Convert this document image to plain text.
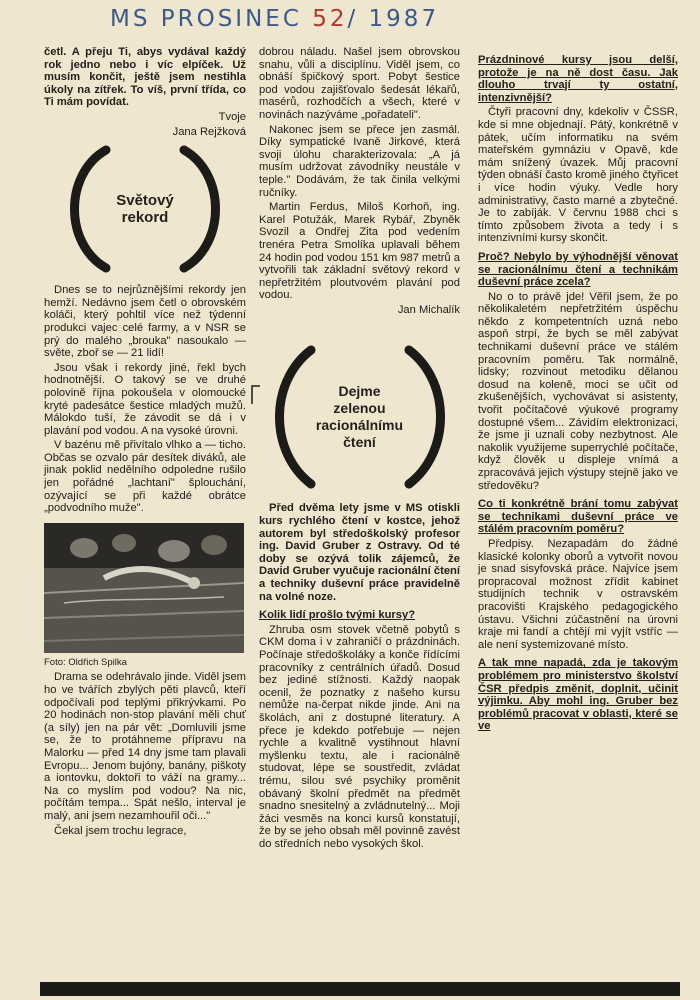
MS PROSINEC 52/ 1987

četl. A přeju Ti, abys vydával každý rok jedno nebo i víc elpíček. Už musím končit, ještě jsem nestihla úkoly na zítřek. To víš, první třída, co Ti mám povídat.

Tvoje

Jana Rejžková

Světový
rekord

Dnes se to nejrůznějšími rekordy jen hemží. Nedávno jsem četl o obrovském koláči, který pohltil více než týdenní produkci vajec celé farmy, a v NSR se prý do malého „brouka" nasoukalo — světe, zboř se — 21 lidí!

Jsou však i rekordy jiné, řekl bych hodnotnější. O takový se ve druhé polovině října pokoušela v olomoucké kryté padesátce šestice mladých mužů. Málokdo tuší, že závodit se dá i v plavání pod vodou. A na vysoké úrovni.

V bazénu mě přivítalo vlhko a — ticho. Občas se ozvalo pár desítek diváků, ale jinak poklid nedělního odpoledne rušilo jen pořádné „lachtaní" šplouchání, ozývající se při každé obrátce „podvodního muže".

Foto: Oldřich Spilka

Drama se odehrávalo jinde. Viděl jsem ho ve tvářích zbylých pěti plavců, kteří odpočívali pod teplými přikrývkami. Po 20 hodinách non-stop plavání měli chuť (a síly) jen na pár vět: „Domluvili jsme se, že to protáhneme přípravu na Malorku — před 14 dny jsme tam plavali Evropu... Jenom bujóny, banány, piškoty a iontovku, doktoři to váží na gramy... Na co myslím pod vodou? Na nic, počítám tempa... Spát nešlo, interval je malý, ani jsem nezamhouřil oči..."

Čekal jsem trochu legrace,

dobrou náladu. Našel jsem obrovskou snahu, vůli a disciplínu. Viděl jsem, co obnáší špičkový sport. Pobyt šestice pod vodou zajišťovalo šedesát lékařů, masérů, rozhodčích a všech, které v novinách nazýváme „pořadateli".

Nakonec jsem se přece jen zasmál. Díky sympatické Ivaně Jirkové, která svoji úlohu charakterizovala: „A já musím udržovat závodníky neustále v teple." Dodávám, že tak činila velkými ručníky.

Martin Ferdus, Miloš Korhoň, ing. Karel Potužák, Marek Rybář, Zbyněk Svozil a Ondřej Zita pod vedením trenéra Petra Smolíka uplavali během 24 hodin pod vodou 151 km 987 metrů a vytvořili tak základní světový rekord v nepřetržitém ploutvovém plavání pod vodou.

Jan Michalík

Dejme
zelenou
racionálnímu
čtení

Před dvěma lety jsme v MS otiskli kurs rychlého čtení v kostce, jehož autorem byl středoškolský profesor ing. David Gruber z Ostravy. Od té doby se ozývá tolik zájemců, že David Gruber vyučuje racionální čtení a techniky duševní práce pravidelně na volné noze.

Kolik lidí prošlo tvými kursy?

Zhruba osm stovek včetně pobytů s CKM doma i v zahraničí o prázdninách. Počínaje středoškoláky a konče řídícími pracovníky z centrálních úřadů. Dosud bez jediné stížnosti. Každý naopak ocenil, že poznatky z našeho kursu nemůže na-čerpat nikde jinde. Ani na školách, ani z dostupné literatury. A přece je kdekdo potřebuje — nejen rychle a kvalitně vystihnout hlavní myšlenku textu, ale i racionálně studovat, lépe se soustředit, zvládat trému, silou své psychiky proměnit obávaný školní předmět na předmět snadno snesitelný a zvládnutelný... Moji žáci vesměs na konci kursů konstatují, že by se jeho obsah měl povinně zavést do středních nebo vysokých škol.

Prázdninové kursy jsou delší, protože je na ně dost času. Jak dlouho trvají ty ostatní, intenzivnější?

Čtyři pracovní dny, kdekoliv v ČSSR, kde si mne objednají. Pátý, konkrétně v pátek, učím informatiku na svém mateřském gymnáziu v Opavě, kde mám snížený úvazek. Můj pracovní týden obnáší často kromě jiného čtyřicet i více hodin výuky. Vedle hory administrativy, často marné a zbytečné. Je to zabíják. V červnu 1988 chci s tímto způsobem života a tedy i s intenzivními kursy skončit.

Proč? Nebylo by výhodnější věnovat se racionálnímu čtení a technikám duševní práce zcela?

No o to právě jde! Věřil jsem, že po několikaletém nepřetržitém úspěchu někdo z kompetentních uzná nebo aspoň strpí, že bych se měl zabývat technikami duševní práce ve stálém pracovním poměru. Tak normálně, lidsky; rozvinout metodiku dělanou dosud na koleně, moci se učit od zkušenějších, vychovávat si asistenty, tvořit počítačové výukové programy dostupné všem... Závidím elektronizaci, že jsme ji uznali coby nezbytnost. Ale nakolik využijeme superrychlé počítače, když člověk u displeje vnímá a zpracovává jejich výstupy stejně jako ve středověku?

Co ti konkrétně brání tomu zabývat se technikami duševní práce ve stálém pracovním poměru?

Předpisy. Nezapadám do žádné klasické kolonky oborů a vytvořit novou je snad sisyfovská práce. Najvíce jsem propracoval možnost zřídit kabinet studijních technik v ostravském pracovišti Krajského pedagogického ústavu. Všichni zúčastnění na úrovni kraje mi fandí a chtějí mi vyjít vstříc — ale není systemizované místo.

A tak mne napadá, zda je takovým problémem pro ministerstvo školství ČSR předpis změnit, doplnit, učinit výjimku. Aby mohl ing. Gruber bez problémů pracovat v oblasti, které se ve
